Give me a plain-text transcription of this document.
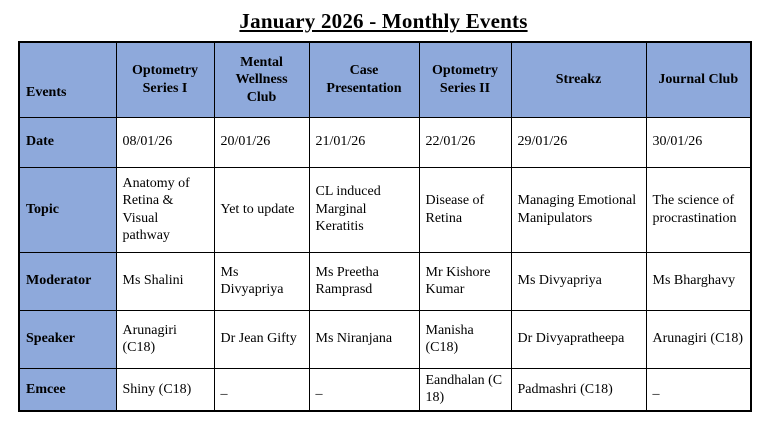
January 2026 - Monthly Events
Events	Optometry Series I	Mental Wellness Club	Case Presentation	Optometry Series II	Streakz	Journal Club
Date	08/01/26	20/01/26	21/01/26	22/01/26	29/01/26	30/01/26
Topic	Anatomy of Retina & Visual pathway	Yet to update	CL induced Marginal Keratitis	Disease of Retina	Managing Emotional Manipulators	The science of procrastination
Moderator	Ms Shalini	Ms Divyapriya	Ms Preetha Ramprasd	Mr Kishore Kumar	Ms Divyapriya	Ms Bharghavy
Speaker	Arunagiri (C18)	Dr Jean Gifty	Ms Niranjana	Manisha (C18)	Dr Divyapratheepa	Arunagiri (C18)
Emcee	Shiny (C18)	_	_	Eandhalan (C 18)	Padmashri (C18)	_
